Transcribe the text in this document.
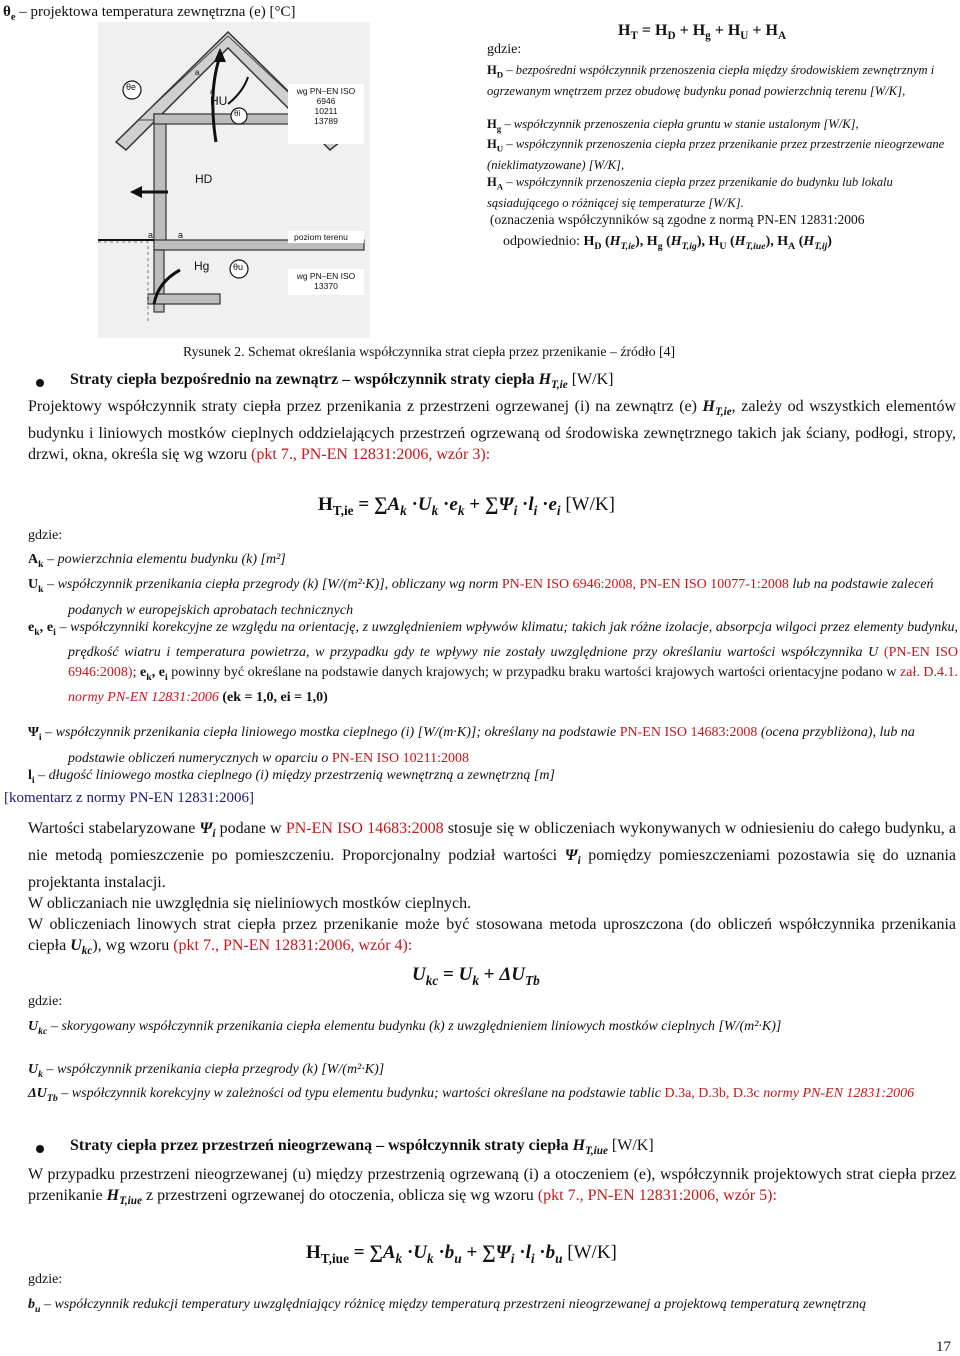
$\theta_e$ – projektowa temperatura zewnętrzna (e) [°C]
θe
θi
θu
HU
HD
Hg
a
a
a	a
wg PN–EN ISO
6946
10211
13789
poziom terenu
wg PN–EN ISO
13370
$H_T = H_D + H_g + H_U + H_A$
gdzie:
$H_D$ – bezpośredni współczynnik przenoszenia ciepła między środowiskiem zewnętrznym i ogrzewanym wnętrzem przez obudowę budynku ponad powierzchnią terenu [W/K],
$H_g$ – współczynnik przenoszenia ciepła gruntu w stanie ustalonym [W/K],
$H_U$ – współczynnik przenoszenia ciepła przez przenikanie przez przestrzenie nieogrzewane (nieklimatyzowane) [W/K],
$H_A$ – współczynnik przenoszenia ciepła przez przenikanie do budynku lub lokalu sąsiadującego o różniącej się temperaturze [W/K].
(oznaczenia współczynników są zgodne z normą PN-EN 12831:2006
odpowiednio: $H_D$ $(H_{T,ie})$, $H_g$ $(H_{T,ig})$, $H_U$ $(H_{T,iue})$, $H_A$ $(H_{T,ij})$
Rysunek 2. Schemat określania współczynnika strat ciepła przez przenikanie – źródło [4]
Straty ciepła bezpośrednio na zewnątrz – współczynnik straty ciepła $H_{T,ie}$ [W/K]
Projektowy współczynnik straty ciepła przez przenikania z przestrzeni ogrzewanej (i) na zewnątrz (e) $H_{T,ie}$, zależy od wszystkich elementów budynku i liniowych mostków cieplnych oddzielających przestrzeń ogrzewaną od środowiska zewnętrznego takich jak ściany, podłogi, stropy, drzwi, okna, określa się wg wzoru (pkt 7., PN-EN 12831:2006, wzór 3):
$H_{T,ie} = \sum A_k \cdot U_k \cdot e_k + \sum\Psi_i \cdot l_i \cdot e_i$ [W/K]
gdzie:
$A_k$ – powierzchnia elementu budynku (k) [m²]
$U_k$ – współczynnik przenikania ciepła przegrody (k) [W/(m²·K)], obliczany wg norm PN-EN ISO 6946:2008, PN-EN ISO 10077-1:2008 lub na podstawie zaleceń podanych w europejskich aprobatach technicznych
$e_k$, $e_i$ – współczynniki korekcyjne ze względu na orientację, z uwzględnieniem wpływów klimatu; takich jak różne izolacje, absorpcja wilgoci przez elementy budynku, prędkość wiatru i temperatura powietrza, w przypadku gdy te wpływy nie zostały uwzględnione przy określaniu wartości współczynnika U (PN-EN ISO 6946:2008); $e_k$, $e_i$ powinny być określane na podstawie danych krajowych; w przypadku braku wartości krajowych wartości orientacyjne podano w zał. D.4.1. normy PN-EN 12831:2006 (ek = 1,0, ei = 1,0)
$\Psi_i$ – współczynnik przenikania ciepła liniowego mostka cieplnego (i) [W/(m·K)]; określany na podstawie PN-EN ISO 14683:2008 (ocena przybliżona), lub na podstawie obliczeń numerycznych w oparciu o PN-EN ISO 10211:2008
$l_i$ – długość liniowego mostka cieplnego (i) między przestrzenią wewnętrzną a zewnętrzną [m]
[komentarz z normy PN-EN 12831:2006]
Wartości stabelaryzowane $\Psi_i$ podane w PN-EN ISO 14683:2008 stosuje się w obliczeniach wykonywanych w odniesieniu do całego budynku, a nie metodą pomieszczenie po pomieszczeniu. Proporcjonalny podział wartości $\Psi_i$ pomiędzy pomieszczeniami pozostawia się do uznania projektanta instalacji.
W obliczaniach nie uwzględnia się nieliniowych mostków cieplnych.
W obliczeniach linowych strat ciepła przez przenikanie może być stosowana metoda uproszczona (do obliczeń współczynnika przenikania ciepła $U_{kc}$), wg wzoru (pkt 7., PN-EN 12831:2006, wzór 4):
$U_{kc} = U_k + \Delta U_{Tb}$
gdzie:
$U_{kc}$ – skorygowany współczynnik przenikania ciepła elementu budynku (k) z uwzględnieniem liniowych mostków cieplnych [W/(m²·K)]
$U_k$ – współczynnik przenikania ciepła przegrody (k) [W/(m²·K)]
$\Delta U_{Tb}$ – współczynnik korekcyjny w zależności od typu elementu budynku; wartości określane na podstawie tablic D.3a, D.3b, D.3c normy PN-EN 12831:2006
Straty ciepła przez przestrzeń nieogrzewaną – współczynnik straty ciepła $H_{T,iue}$ [W/K]
W przypadku przestrzeni nieogrzewanej (u) między przestrzenią ogrzewaną (i) a otoczeniem (e), współczynnik projektowych strat ciepła przez przenikanie $H_{T,iue}$ z przestrzeni ogrzewanej do otoczenia, oblicza się wg wzoru (pkt 7., PN-EN 12831:2006, wzór 5):
$H_{T,iue} = \sum A_k \cdot U_k \cdot b_u + \sum\Psi_i \cdot l_i \cdot b_u$ [W/K]
gdzie:
$b_u$ – współczynnik redukcji temperatury uwzględniający różnicę między temperaturą przestrzeni nieogrzewanej a projektową temperaturą zewnętrzną
17
